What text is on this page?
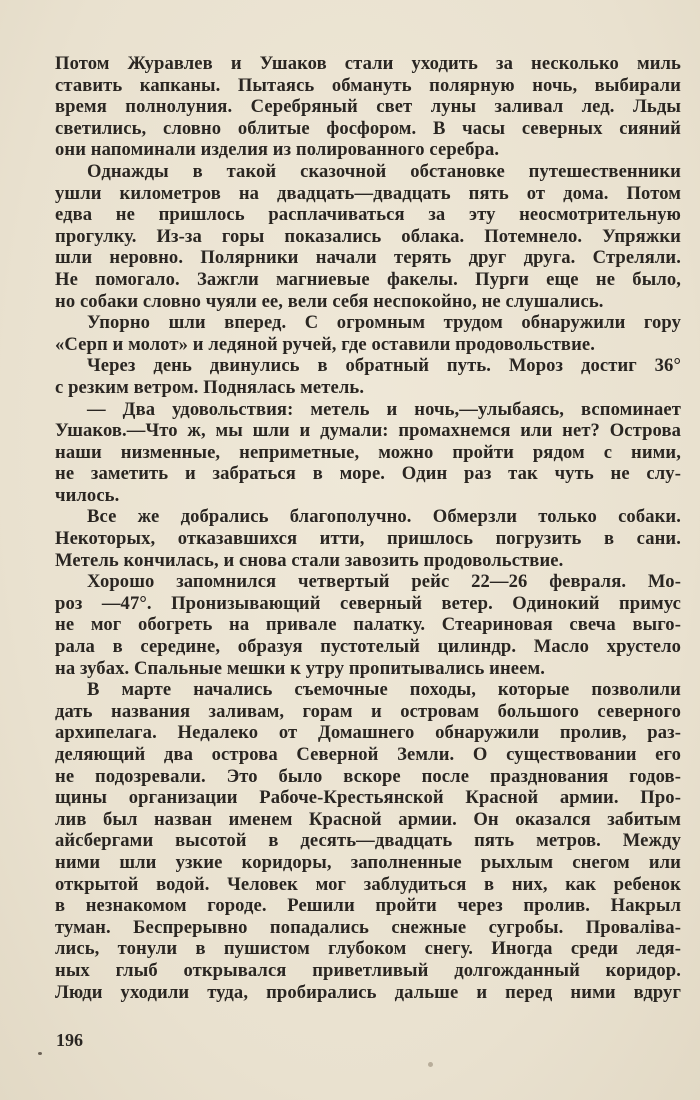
Потом Журавлев и Ушаков стали уходить за несколько миль
ставить капканы. Пытаясь обмануть полярную ночь, выбирали
время полнолуния. Серебряный свет луны заливал лед. Льды
светились, словно облитые фосфором. В часы северных сияний
они напоминали изделия из полированного серебра.
Однажды в такой сказочной обстановке путешественники
ушли километров на двадцать—двадцать пять от дома. Потом
едва не пришлось расплачиваться за эту неосмотрительную
прогулку. Из-за горы показались облака. Потемнело. Упряжки
шли неровно. Полярники начали терять друг друга. Стреляли.
Не помогало. Зажгли магниевые факелы. Пурги еще не было,
но собаки словно чуяли ее, вели себя неспокойно, не слушались.
Упорно шли вперед. С огромным трудом обнаружили гору
«Серп и молот» и ледяной ручей, где оставили продовольствие.
Через день двинулись в обратный путь. Мороз достиг 36°
с резким ветром. Поднялась метель.
— Два удовольствия: метель и ночь,—улыбаясь, вспоминает
Ушаков.—Что ж, мы шли и думали: промахнемся или нет? Острова
наши низменные, неприметные, можно пройти рядом с ними,
не заметить и забраться в море. Один раз так чуть не слу-
чилось.
Все же добрались благополучно. Обмерзли только собаки.
Некоторых, отказавшихся итти, пришлось погрузить в сани.
Метель кончилась, и снова стали завозить продовольствие.
Хорошо запомнился четвертый рейс 22—26 февраля. Мо-
роз —47°. Пронизывающий северный ветер. Одинокий примус
не мог обогреть на привале палатку. Стеариновая свеча выго-
рала в середине, образуя пустотелый цилиндр. Масло хрустело
на зубах. Спальные мешки к утру пропитывались инеем.
В марте начались съемочные походы, которые позволили
дать названия заливам, горам и островам большого северного
архипелага. Недалеко от Домашнего обнаружили пролив, раз-
деляющий два острова Северной Земли. О существовании его
не подозревали. Это было вскоре после празднования годов-
щины организации Рабоче-Крестьянской Красной армии. Про-
лив был назван именем Красной армии. Он оказался забитым
айсбергами высотой в десять—двадцать пять метров. Между
ними шли узкие коридоры, заполненные рыхлым снегом или
открытой водой. Человек мог заблудиться в них, как ребенок
в незнакомом городе. Решили пройти через пролив. Накрыл
туман. Беспрерывно попадались снежные сугробы. Проваліва-
лись, тонули в пушистом глубоком снегу. Иногда среди ледя-
ных глыб открывался приветливый долгожданный коридор.
Люди уходили туда, пробирались дальше и перед ними вдруг
196
